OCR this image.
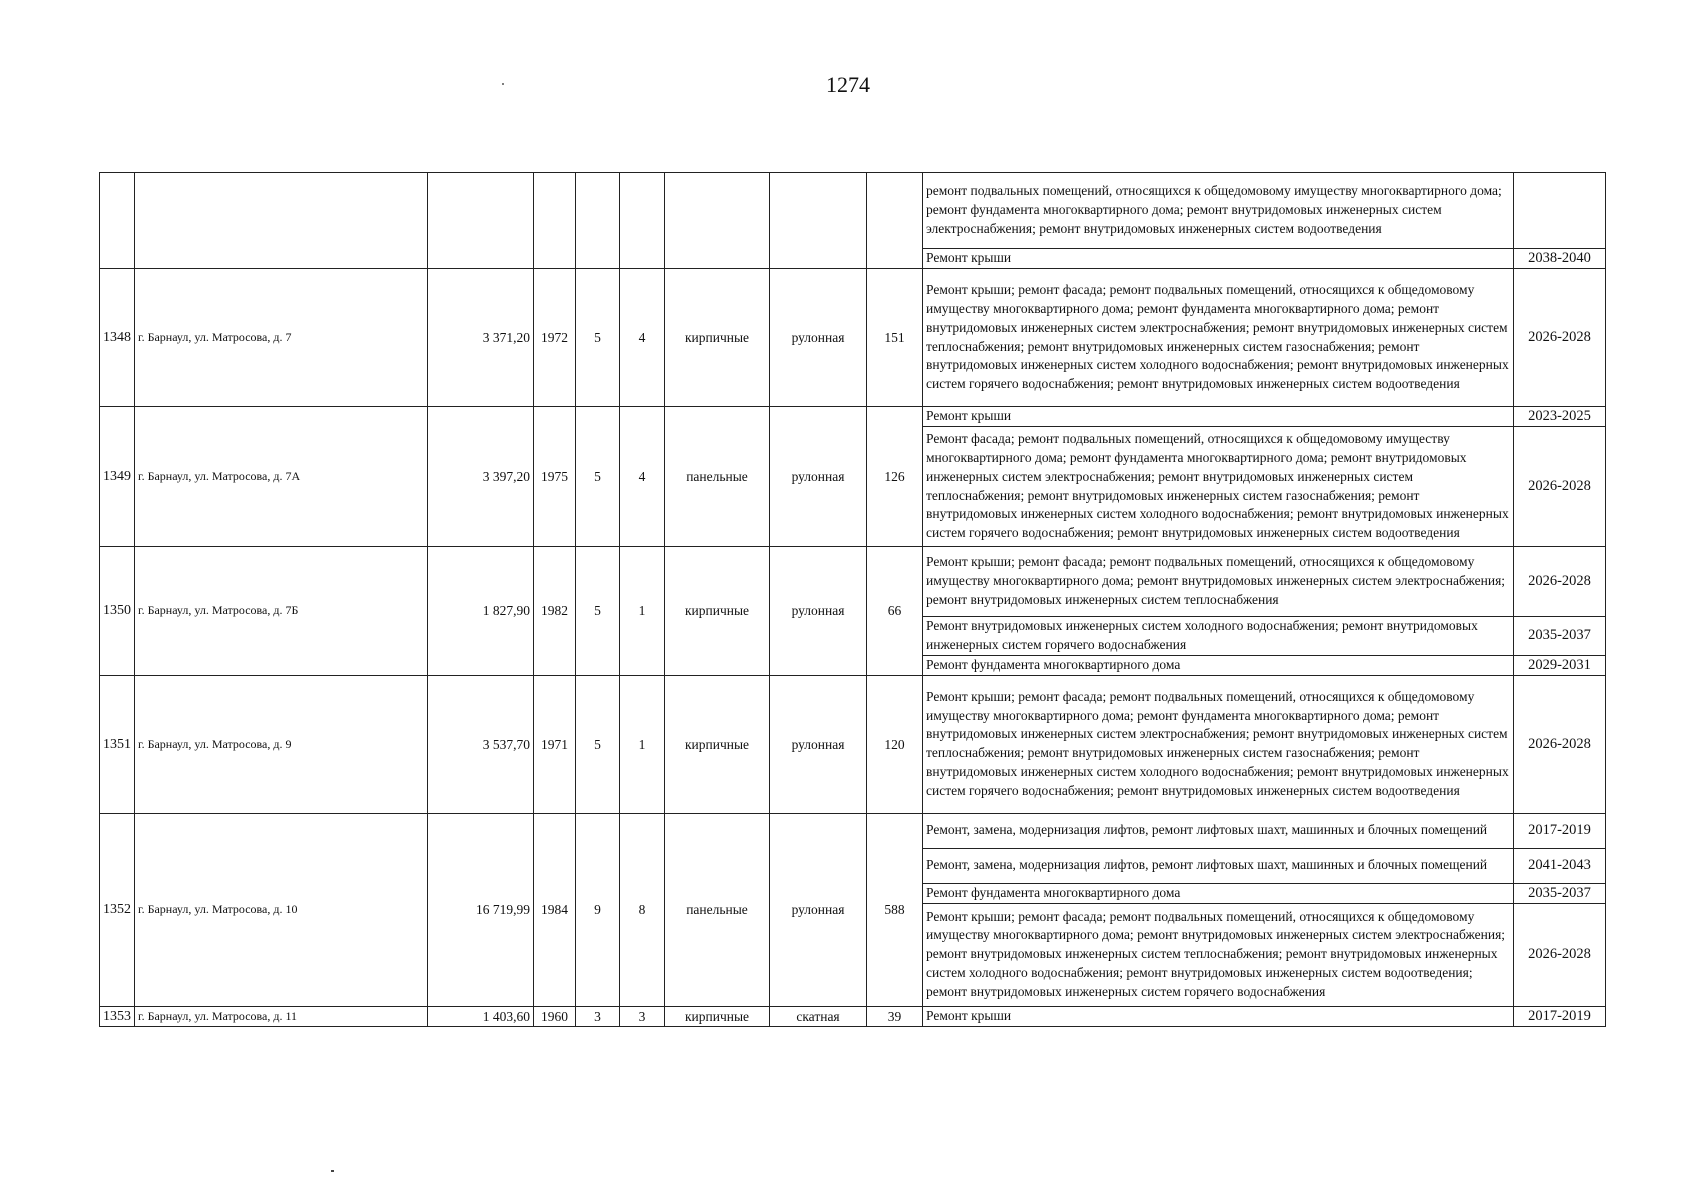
1274
									ремонт подвальных помещений, относящихся к общедомовому имуществу многоквартирного дома; ремонт фундамента многоквартирного дома; ремонт внутридомовых инженерных систем электроснабжения; ремонт внутридомовых инженерных систем водоотведения	
									Ремонт крыши	2038-2040
1348	г. Барнаул, ул. Матросова, д. 7	3 371,20	1972	5	4	кирпичные	рулонная	151	Ремонт крыши; ремонт фасада; ремонт подвальных помещений, относящихся к общедомовому имуществу многоквартирного дома; ремонт фундамента многоквартирного дома; ремонт внутридомовых инженерных систем электроснабжения; ремонт внутридомовых инженерных систем теплоснабжения; ремонт внутридомовых инженерных систем газоснабжения; ремонт внутридомовых инженерных систем холодного водоснабжения; ремонт внутридомовых инженерных систем горячего водоснабжения; ремонт внутридомовых инженерных систем водоотведения	2026-2028
1349	г. Барнаул, ул. Матросова, д. 7А	3 397,20	1975	5	4	панельные	рулонная	126	Ремонт крыши	2023-2025
									Ремонт фасада; ремонт подвальных помещений, относящихся к общедомовому имуществу многоквартирного дома; ремонт фундамента многоквартирного дома; ремонт внутридомовых инженерных систем электроснабжения; ремонт внутридомовых инженерных систем теплоснабжения; ремонт внутридомовых инженерных систем газоснабжения; ремонт внутридомовых инженерных систем холодного водоснабжения; ремонт внутридомовых инженерных систем горячего водоснабжения; ремонт внутридомовых инженерных систем водоотведения	2026-2028
1350	г. Барнаул, ул. Матросова, д. 7Б	1 827,90	1982	5	1	кирпичные	рулонная	66	Ремонт крыши; ремонт фасада; ремонт подвальных помещений, относящихся к общедомовому имуществу многоквартирного дома; ремонт внутридомовых инженерных систем электроснабжения; ремонт внутридомовых инженерных систем теплоснабжения	2026-2028
									Ремонт внутридомовых инженерных систем холодного водоснабжения; ремонт внутридомовых инженерных систем горячего водоснабжения	2035-2037
									Ремонт фундамента многоквартирного дома	2029-2031
1351	г. Барнаул, ул. Матросова, д. 9	3 537,70	1971	5	1	кирпичные	рулонная	120	Ремонт крыши; ремонт фасада; ремонт подвальных помещений, относящихся к общедомовому имуществу многоквартирного дома; ремонт фундамента многоквартирного дома; ремонт внутридомовых инженерных систем электроснабжения; ремонт внутридомовых инженерных систем теплоснабжения; ремонт внутридомовых инженерных систем газоснабжения; ремонт внутридомовых инженерных систем холодного водоснабжения; ремонт внутридомовых инженерных систем горячего водоснабжения; ремонт внутридомовых инженерных систем водоотведения	2026-2028
1352	г. Барнаул, ул. Матросова, д. 10	16 719,99	1984	9	8	панельные	рулонная	588	Ремонт, замена, модернизация лифтов, ремонт лифтовых шахт, машинных и блочных помещений	2017-2019
									Ремонт, замена, модернизация лифтов, ремонт лифтовых шахт, машинных и блочных помещений	2041-2043
									Ремонт фундамента многоквартирного дома	2035-2037
									Ремонт крыши; ремонт фасада; ремонт подвальных помещений, относящихся к общедомовому имуществу многоквартирного дома; ремонт внутридомовых инженерных систем электроснабжения; ремонт внутридомовых инженерных систем теплоснабжения; ремонт внутридомовых инженерных систем холодного водоснабжения; ремонт внутридомовых инженерных систем водоотведения; ремонт внутридомовых инженерных систем горячего водоснабжения	2026-2028
1353	г. Барнаул, ул. Матросова, д. 11	1 403,60	1960	3	3	кирпичные	скатная	39	Ремонт крыши	2017-2019
